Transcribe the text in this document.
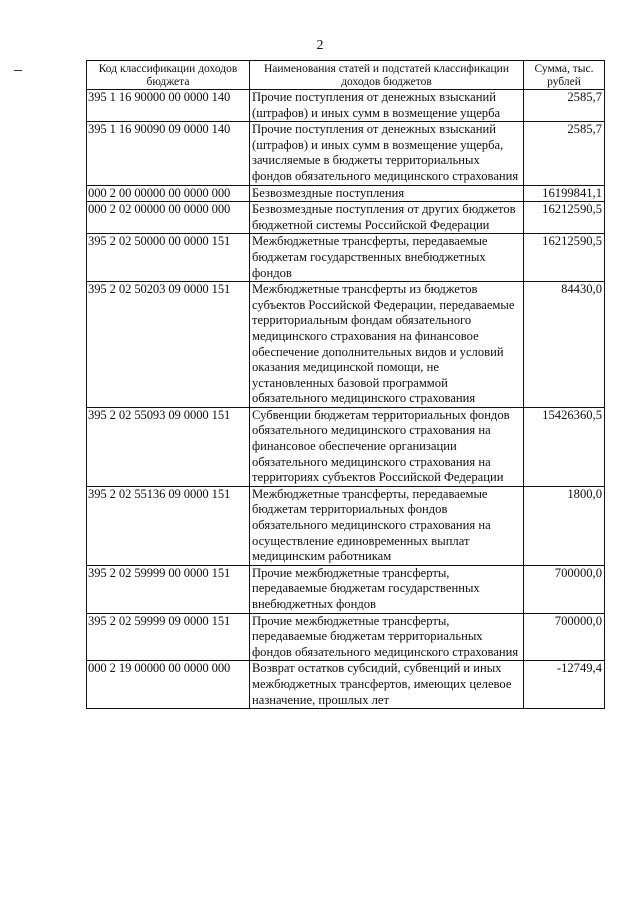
2
Код классификации доходов бюджета	Наименования статей и подстатей классификации доходов бюджетов	Сумма, тыс. рублей
395 1 16 90000 00 0000 140	Прочие поступления от денежных взысканий (штрафов) и иных сумм в возмещение ущерба	2585,7
395 1 16 90090 09 0000 140	Прочие поступления от денежных взысканий (штрафов) и иных сумм в возмещение ущерба, зачисляемые в бюджеты территориальных фондов обязательного медицинского страхования	2585,7
000 2 00 00000 00 0000 000	Безвозмездные поступления	16199841,1
000 2 02 00000 00 0000 000	Безвозмездные поступления от других бюджетов бюджетной системы Российской Федерации	16212590,5
395 2 02 50000 00 0000 151	Межбюджетные трансферты, передаваемые бюджетам государственных внебюджетных фондов	16212590,5
395 2 02 50203 09 0000 151	Межбюджетные трансферты из бюджетов субъектов Российской Федерации, передаваемые территориальным фондам обязательного медицинского страхования на финансовое обеспечение дополнительных видов и условий оказания медицинской помощи, не установленных базовой программой обязательного медицинского страхования	84430,0
395 2 02 55093 09 0000 151	Субвенции бюджетам территориальных фондов обязательного медицинского страхования на финансовое обеспечение организации обязательного медицинского страхования на территориях субъектов Российской Федерации	15426360,5
395 2 02 55136 09 0000 151	Межбюджетные трансферты, передаваемые бюджетам территориальных фондов обязательного медицинского страхования на осуществление единовременных выплат медицинским работникам	1800,0
395 2 02 59999 00 0000 151	Прочие межбюджетные трансферты, передаваемые бюджетам государственных внебюджетных фондов	700000,0
395 2 02 59999 09 0000 151	Прочие межбюджетные трансферты, передаваемые бюджетам территориальных фондов обязательного медицинского страхования	700000,0
000 2 19 00000 00 0000 000	Возврат остатков субсидий, субвенций и иных межбюджетных трансфертов, имеющих целевое назначение, прошлых лет	-12749,4
